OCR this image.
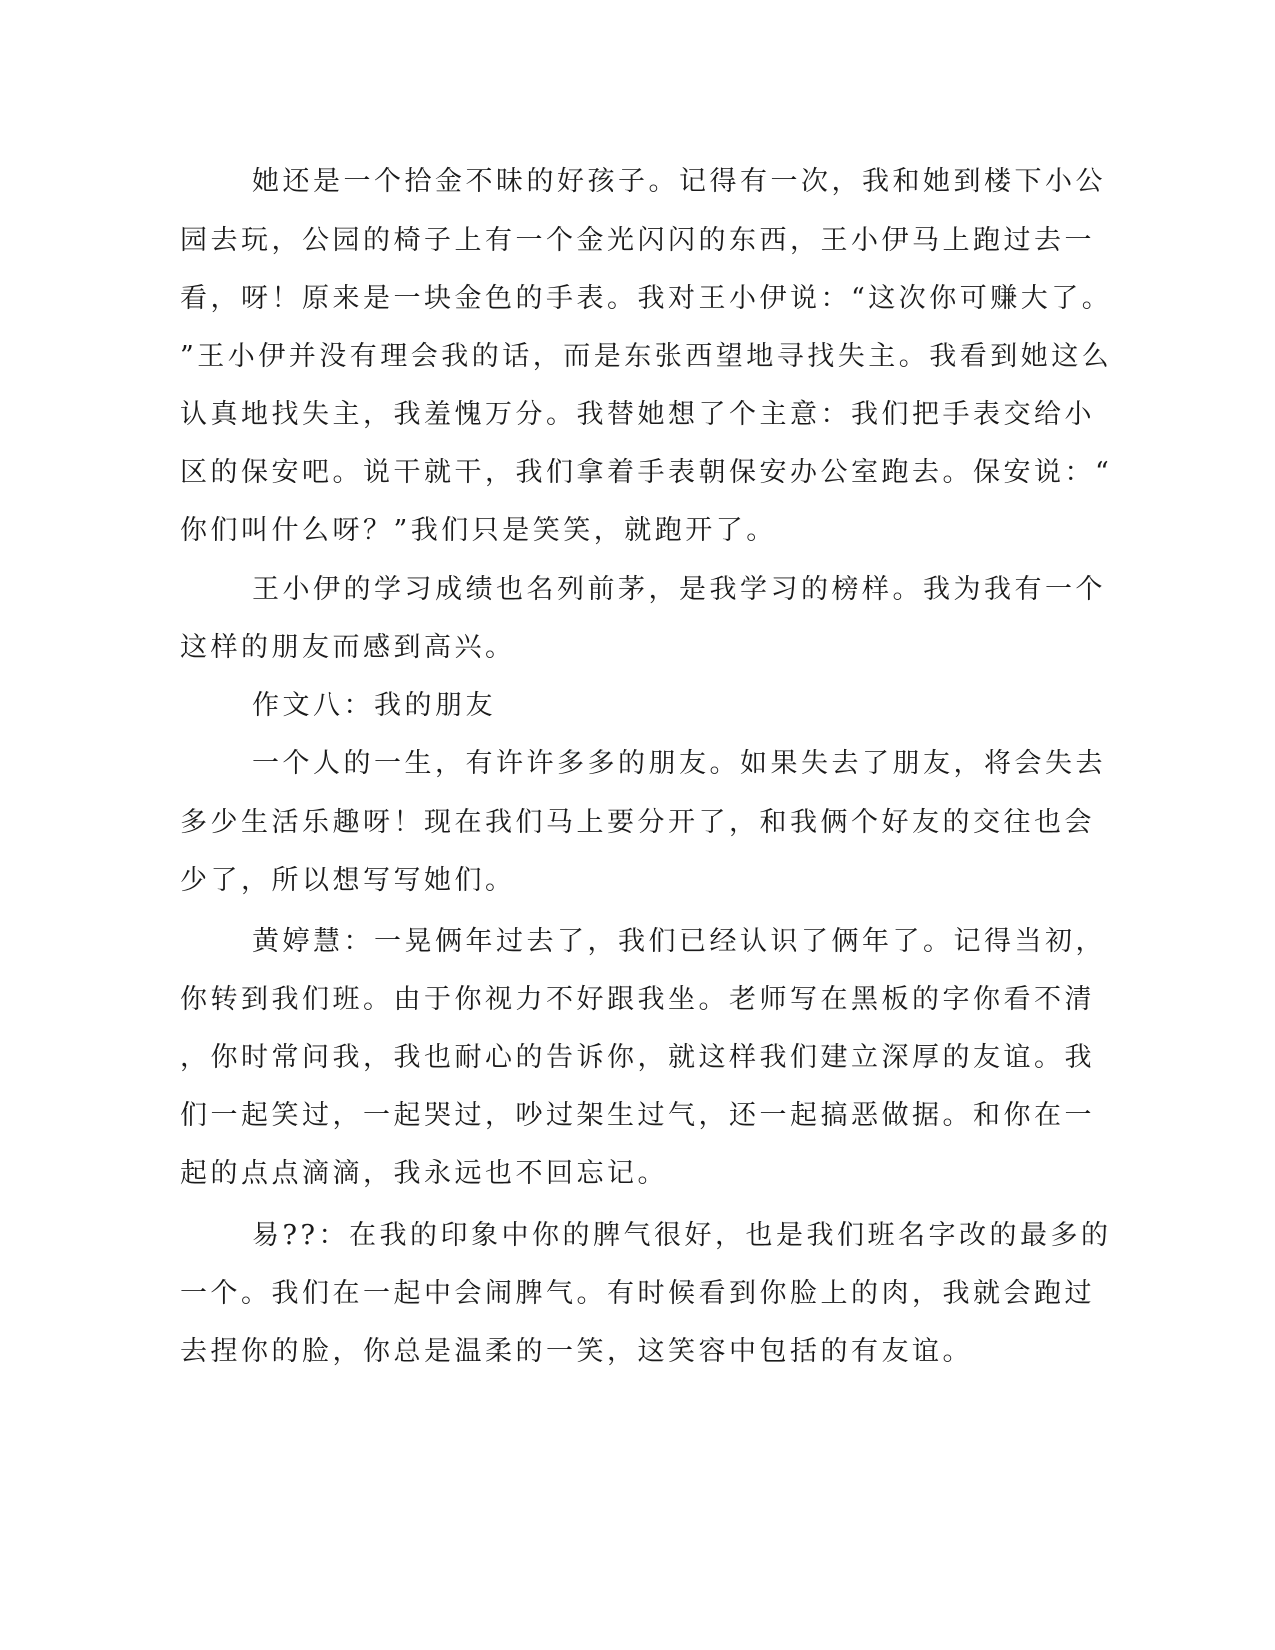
她还是一个拾金不昧的好孩子。记得有一次，我和她到楼下小公
园去玩，公园的椅子上有一个金光闪闪的东西，王小伊马上跑过去一
看，呀！原来是一块金色的手表。我对王小伊说：“这次你可赚大了。
”王小伊并没有理会我的话，而是东张西望地寻找失主。我看到她这么
认真地找失主，我羞愧万分。我替她想了个主意：我们把手表交给小
区的保安吧。说干就干，我们拿着手表朝保安办公室跑去。保安说：“
你们叫什么呀？”我们只是笑笑，就跑开了。
王小伊的学习成绩也名列前茅，是我学习的榜样。我为我有一个
这样的朋友而感到高兴。
作文八：我的朋友
一个人的一生，有许许多多的朋友。如果失去了朋友，将会失去
多少生活乐趣呀！现在我们马上要分开了，和我俩个好友的交往也会
少了，所以想写写她们。
黄婷慧：一晃俩年过去了，我们已经认识了俩年了。记得当初，
你转到我们班。由于你视力不好跟我坐。老师写在黑板的字你看不清
，你时常问我，我也耐心的告诉你，就这样我们建立深厚的友谊。我
们一起笑过，一起哭过，吵过架生过气，还一起搞恶做据。和你在一
起的点点滴滴，我永远也不回忘记。
易??：在我的印象中你的脾气很好，也是我们班名字改的最多的
一个。我们在一起中会闹脾气。有时候看到你脸上的肉，我就会跑过
去捏你的脸，你总是温柔的一笑，这笑容中包括的有友谊。
